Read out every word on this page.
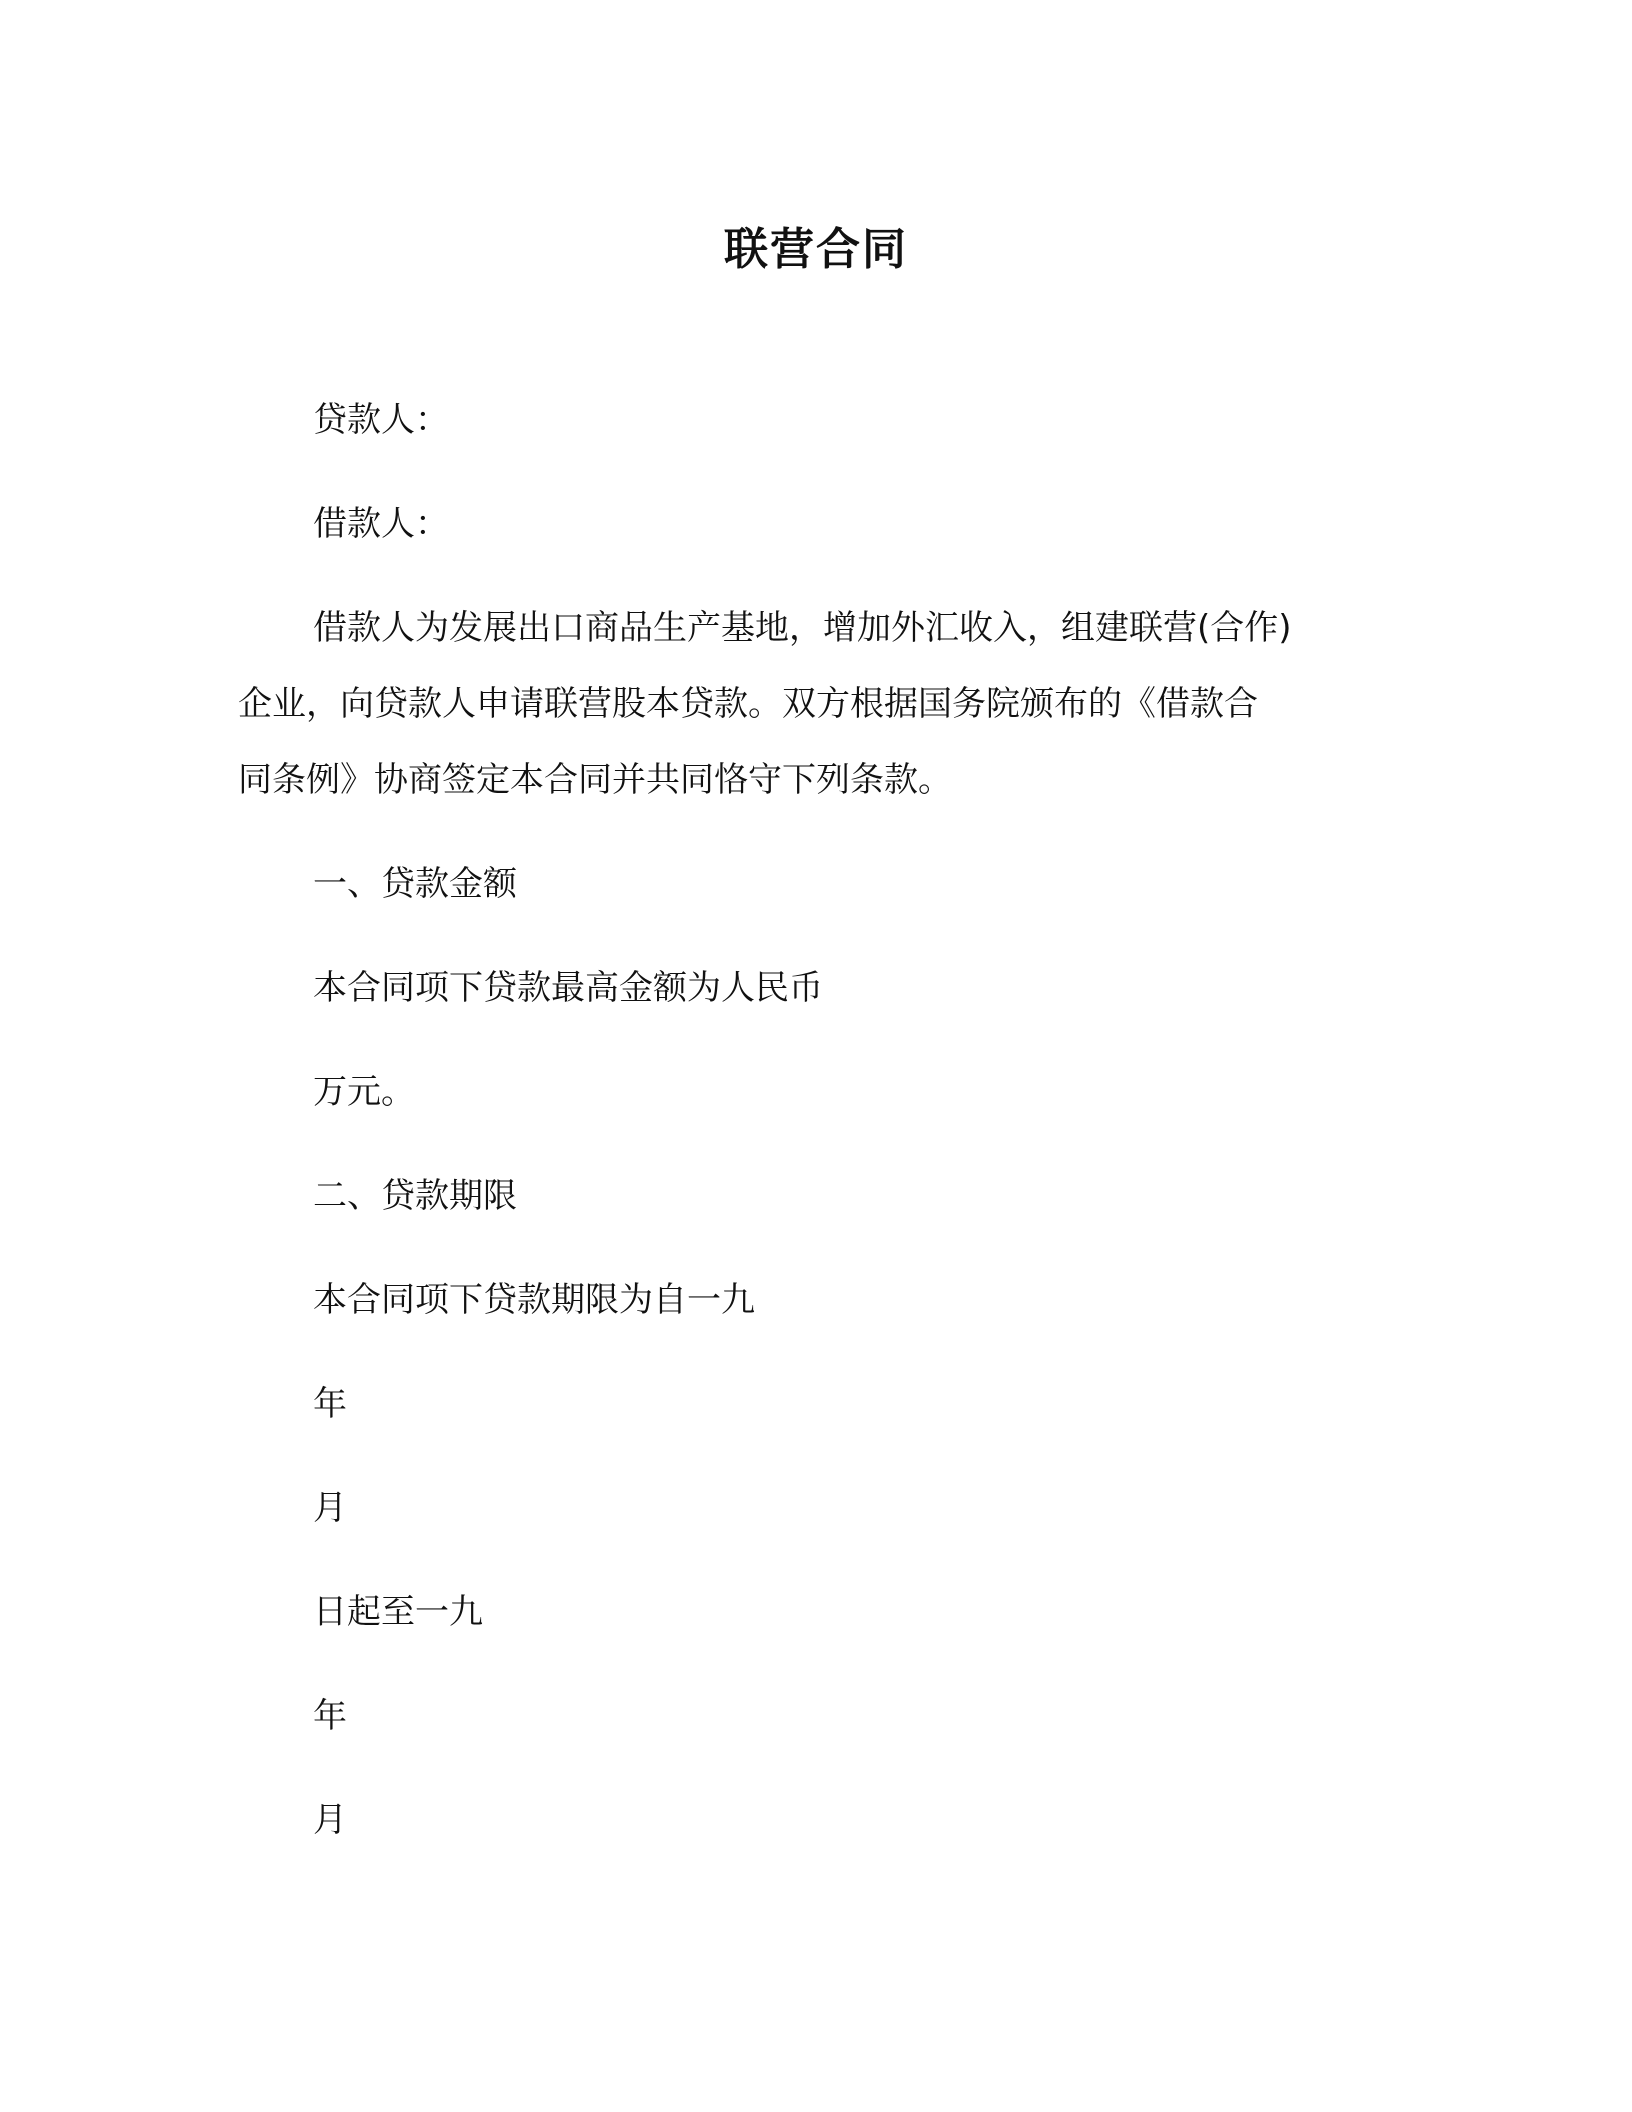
联营合同

贷款人：

借款人：

借款人为发展出口商品生产基地，增加外汇收入，组建联营(合作)

企业，向贷款人申请联营股本贷款。双方根据国务院颁布的《借款合

同条例》协商签定本合同并共同恪守下列条款。

一、贷款金额

本合同项下贷款最高金额为人民币

万元。

二、贷款期限

本合同项下贷款期限为自一九

年

月

日起至一九

年

月
